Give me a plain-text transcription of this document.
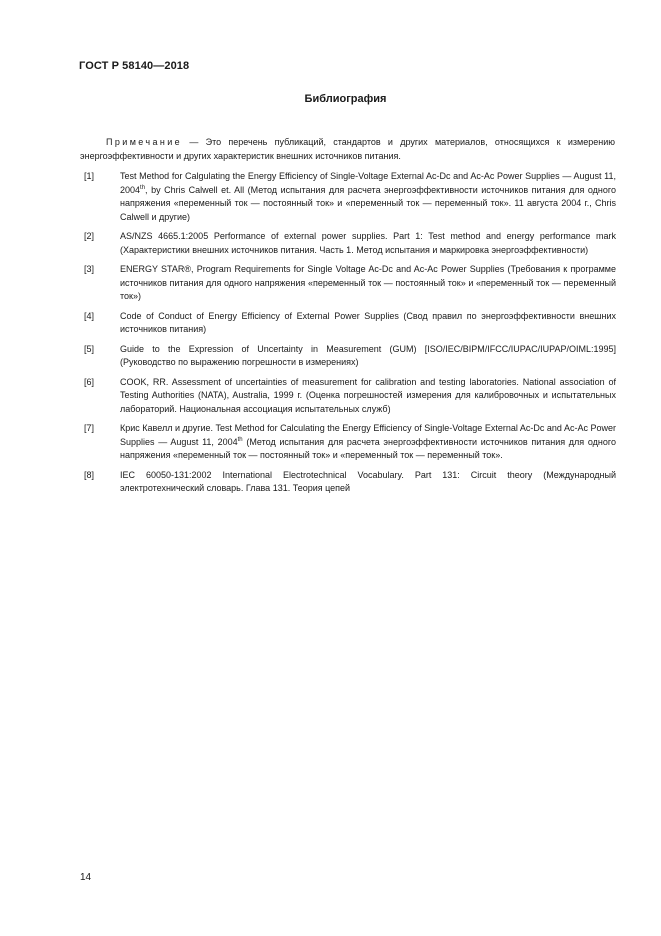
ГОСТ Р 58140—2018
Библиография
Примечание — Это перечень публикаций, стандартов и других материалов, относящихся к измерению энергоэффективности и других характеристик внешних источников питания.
[1]	Test Method for Calgulating the Energy Efficiency of Single-Voltage External Ac-Dc and Ac-Ac Power Supplies — August 11, 2004th, by Chris Calwell et. All (Метод испытания для расчета энергоэффективности источников питания для одного напряжения «переменный ток — постоянный ток» и «переменный ток — переменный ток». 11 августа 2004 г., Chris Calwell и другие)
[2]	AS/NZS 4665.1:2005 Performance of external power supplies. Part 1: Test method and energy performance mark (Характеристики внешних источников питания. Часть 1. Метод испытания и маркировка энергоэффективности)
[3]	ENERGY STAR®, Program Requirements for Single Voltage Ac-Dc and Ac-Ac Power Supplies (Требования к программе источников питания для одного напряжения «переменный ток — постоянный ток» и «переменный ток — переменный ток»)
[4]	Code of Conduct of Energy Efficiency of External Power Supplies (Свод правил по энергоэффективности внешних источников питания)
[5]	Guide to the Expression of Uncertainty in Measurement (GUM) [ISO/IEC/BIPM/IFCC/IUPAC/IUPAP/OIML:1995] (Руководство по выражению погрешности в измерениях)
[6]	COOK, RR. Assessment of uncertainties of measurement for calibration and testing laboratories. National association of Testing Authorities (NATA), Australia, 1999 г. (Оценка погрешностей измерения для калибровочных и испытательных лабораторий. Национальная ассоциация испытательных служб)
[7]	Крис Кавелл и другие. Test Method for Calculating the Energy Efficiency of Single-Voltage External Ac-Dc and Ac-Ac Power Supplies — August 11, 2004th (Метод испытания для расчета энергоэффективности источников питания для одного напряжения «переменный ток — постоянный ток» и «переменный ток — переменный ток».
[8]	IEC 60050-131:2002 International Electrotechnical Vocabulary. Part 131: Circuit theory (Международный электротехнический словарь. Глава 131. Теория цепей
14
